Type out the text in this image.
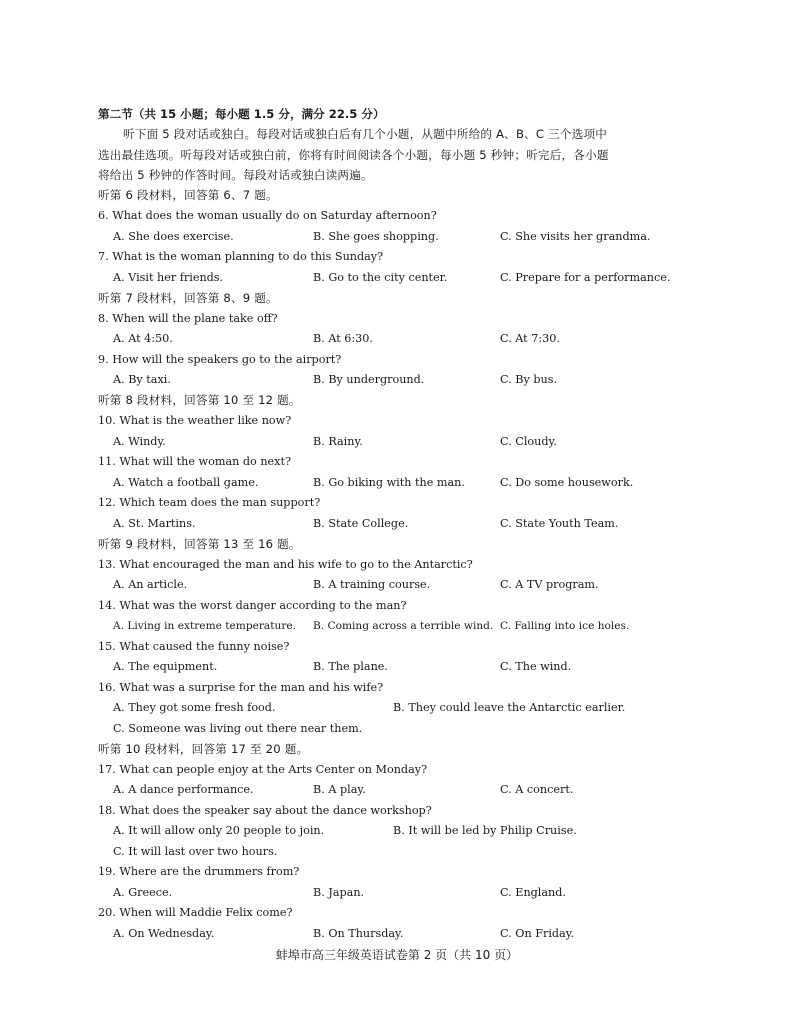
第二节（共 15 小题；每小题 1.5 分，满分 22.5 分）
听下面 5 段对话或独白。每段对话或独白后有几个小题，从题中所给的 A、B、C 三个选项中
选出最佳选项。听每段对话或独白前，你将有时间阅读各个小题，每小题 5 秒钟；听完后，各小题
将给出 5 秒钟的作答时间。每段对话或独白读两遍。
听第 6 段材料，回答第 6、7 题。
6. What does the woman usually do on Saturday afternoon?
A. She does exercise.	B. She goes shopping.	C. She visits her grandma.
7. What is the woman planning to do this Sunday?
A. Visit her friends.	B. Go to the city center.	C. Prepare for a performance.
听第 7 段材料，回答第 8、9 题。
8. When will the plane take off?
A. At 4:50.	B. At 6:30.	C. At 7:30.
9. How will the speakers go to the airport?
A. By taxi.	B. By underground.	C. By bus.
听第 8 段材料，回答第 10 至 12 题。
10. What is the weather like now?
A. Windy.	B. Rainy.	C. Cloudy.
11. What will the woman do next?
A. Watch a football game.	B. Go biking with the man.	C. Do some housework.
12. Which team does the man support?
A. St. Martins.	B. State College.	C. State Youth Team.
听第 9 段材料，回答第 13 至 16 题。
13. What encouraged the man and his wife to go to the Antarctic?
A. An article.	B. A training course.	C. A TV program.
14. What was the worst danger according to the man?
A. Living in extreme temperature. B. Coming across a terrible wind. C. Falling into ice holes.
15. What caused the funny noise?
A. The equipment.	B. The plane.	C. The wind.
16. What was a surprise for the man and his wife?
A. They got some fresh food.	B. They could leave the Antarctic earlier.
C. Someone was living out there near them.
听第 10 段材料，回答第 17 至 20 题。
17. What can people enjoy at the Arts Center on Monday?
A. A dance performance.	B. A play.	C. A concert.
18. What does the speaker say about the dance workshop?
A. It will allow only 20 people to join.	B. It will be led by Philip Cruise.
C. It will last over two hours.
19. Where are the drummers from?
A. Greece.	B. Japan.	C. England.
20. When will Maddie Felix come?
A. On Wednesday.	B. On Thursday.	C. On Friday.
蚌埠市高三年级英语试卷第 2 页（共 10 页）
